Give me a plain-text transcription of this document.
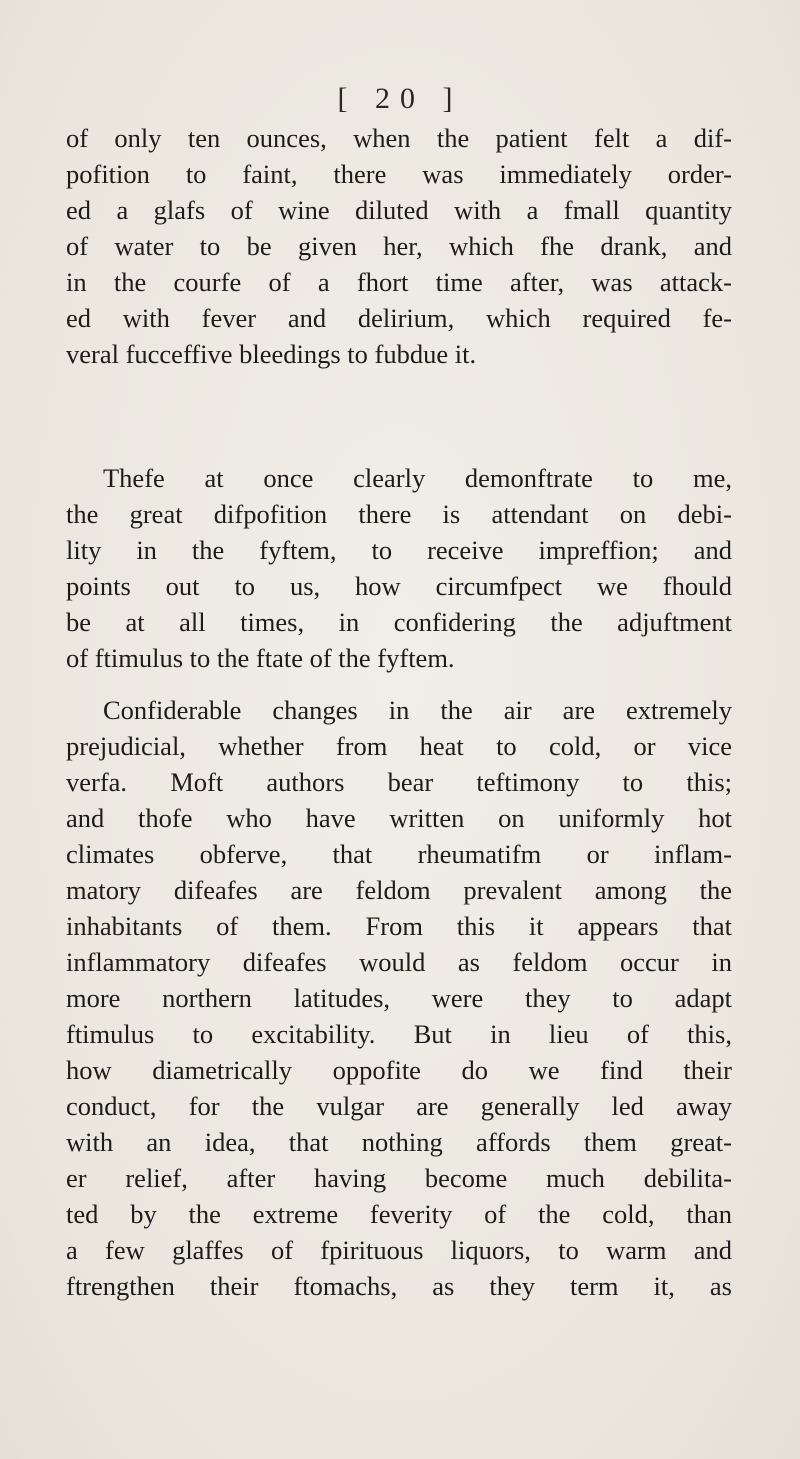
[ 20 ]
of only ten ounces, when the patient felt a dif-
pofition to faint, there was immediately order-
ed a glafs of wine diluted with a fmall quantity
of water to be given her, which fhe drank, and
in the courfe of a fhort time after, was attack-
ed with fever and delirium, which required fe-
veral fucceffive bleedings to fubdue it.
Thefe at once clearly demonftrate to me,
the great difpofition there is attendant on debi-
lity in the fyftem, to receive impreffion; and
points out to us, how circumfpect we fhould
be at all times, in confidering the adjuftment
of ftimulus to the ftate of the fyftem.
Confiderable changes in the air are extremely
prejudicial, whether from heat to cold, or vice
verfa. Moft authors bear teftimony to this;
and thofe who have written on uniformly hot
climates obferve, that rheumatifm or inflam-
matory difeafes are feldom prevalent among the
inhabitants of them. From this it appears that
inflammatory difeafes would as feldom occur in
more northern latitudes, were they to adapt
ftimulus to excitability. But in lieu of this,
how diametrically oppofite do we find their
conduct, for the vulgar are generally led away
with an idea, that nothing affords them great-
er relief, after having become much debilita-
ted by the extreme feverity of the cold, than
a few glaffes of fpirituous liquors, to warm and
ftrengthen their ftomachs, as they term it, as
